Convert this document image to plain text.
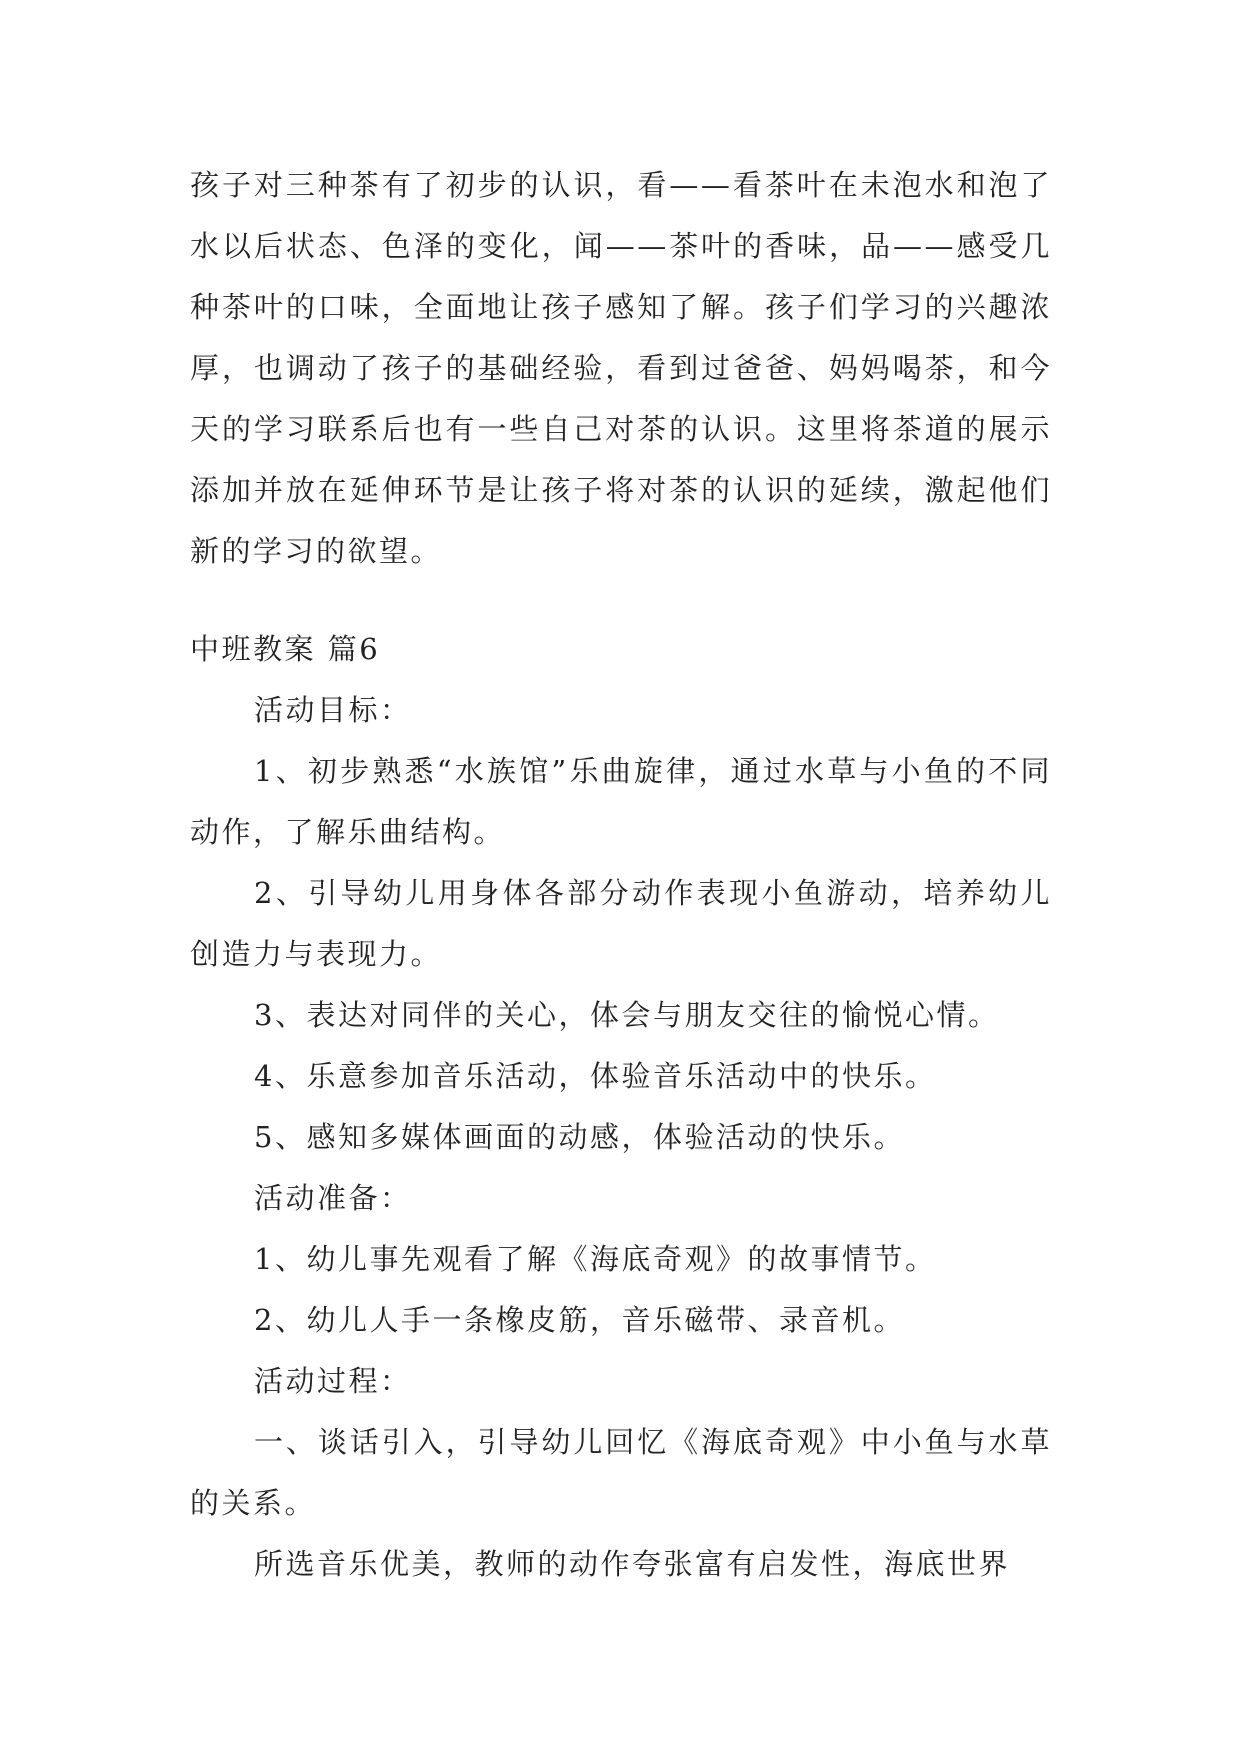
孩子对三种茶有了初步的认识，看——看茶叶在未泡水和泡了水以后状态、色泽的变化，闻——茶叶的香味，品——感受几种茶叶的口味，全面地让孩子感知了解。孩子们学习的兴趣浓厚，也调动了孩子的基础经验，看到过爸爸、妈妈喝茶，和今天的学习联系后也有一些自己对茶的认识。这里将茶道的展示添加并放在延伸环节是让孩子将对茶的认识的延续，激起他们新的学习的欲望。

中班教案 篇6

活动目标：

1、初步熟悉“水族馆”乐曲旋律，通过水草与小鱼的不同动作，了解乐曲结构。

2、引导幼儿用身体各部分动作表现小鱼游动，培养幼儿创造力与表现力。

3、表达对同伴的关心，体会与朋友交往的愉悦心情。

4、乐意参加音乐活动，体验音乐活动中的快乐。

5、感知多媒体画面的动感，体验活动的快乐。

活动准备：

1、幼儿事先观看了解《海底奇观》的故事情节。

2、幼儿人手一条橡皮筋，音乐磁带、录音机。

活动过程：

一、谈话引入，引导幼儿回忆《海底奇观》中小鱼与水草的关系。

所选音乐优美，教师的动作夸张富有启发性，海底世界
